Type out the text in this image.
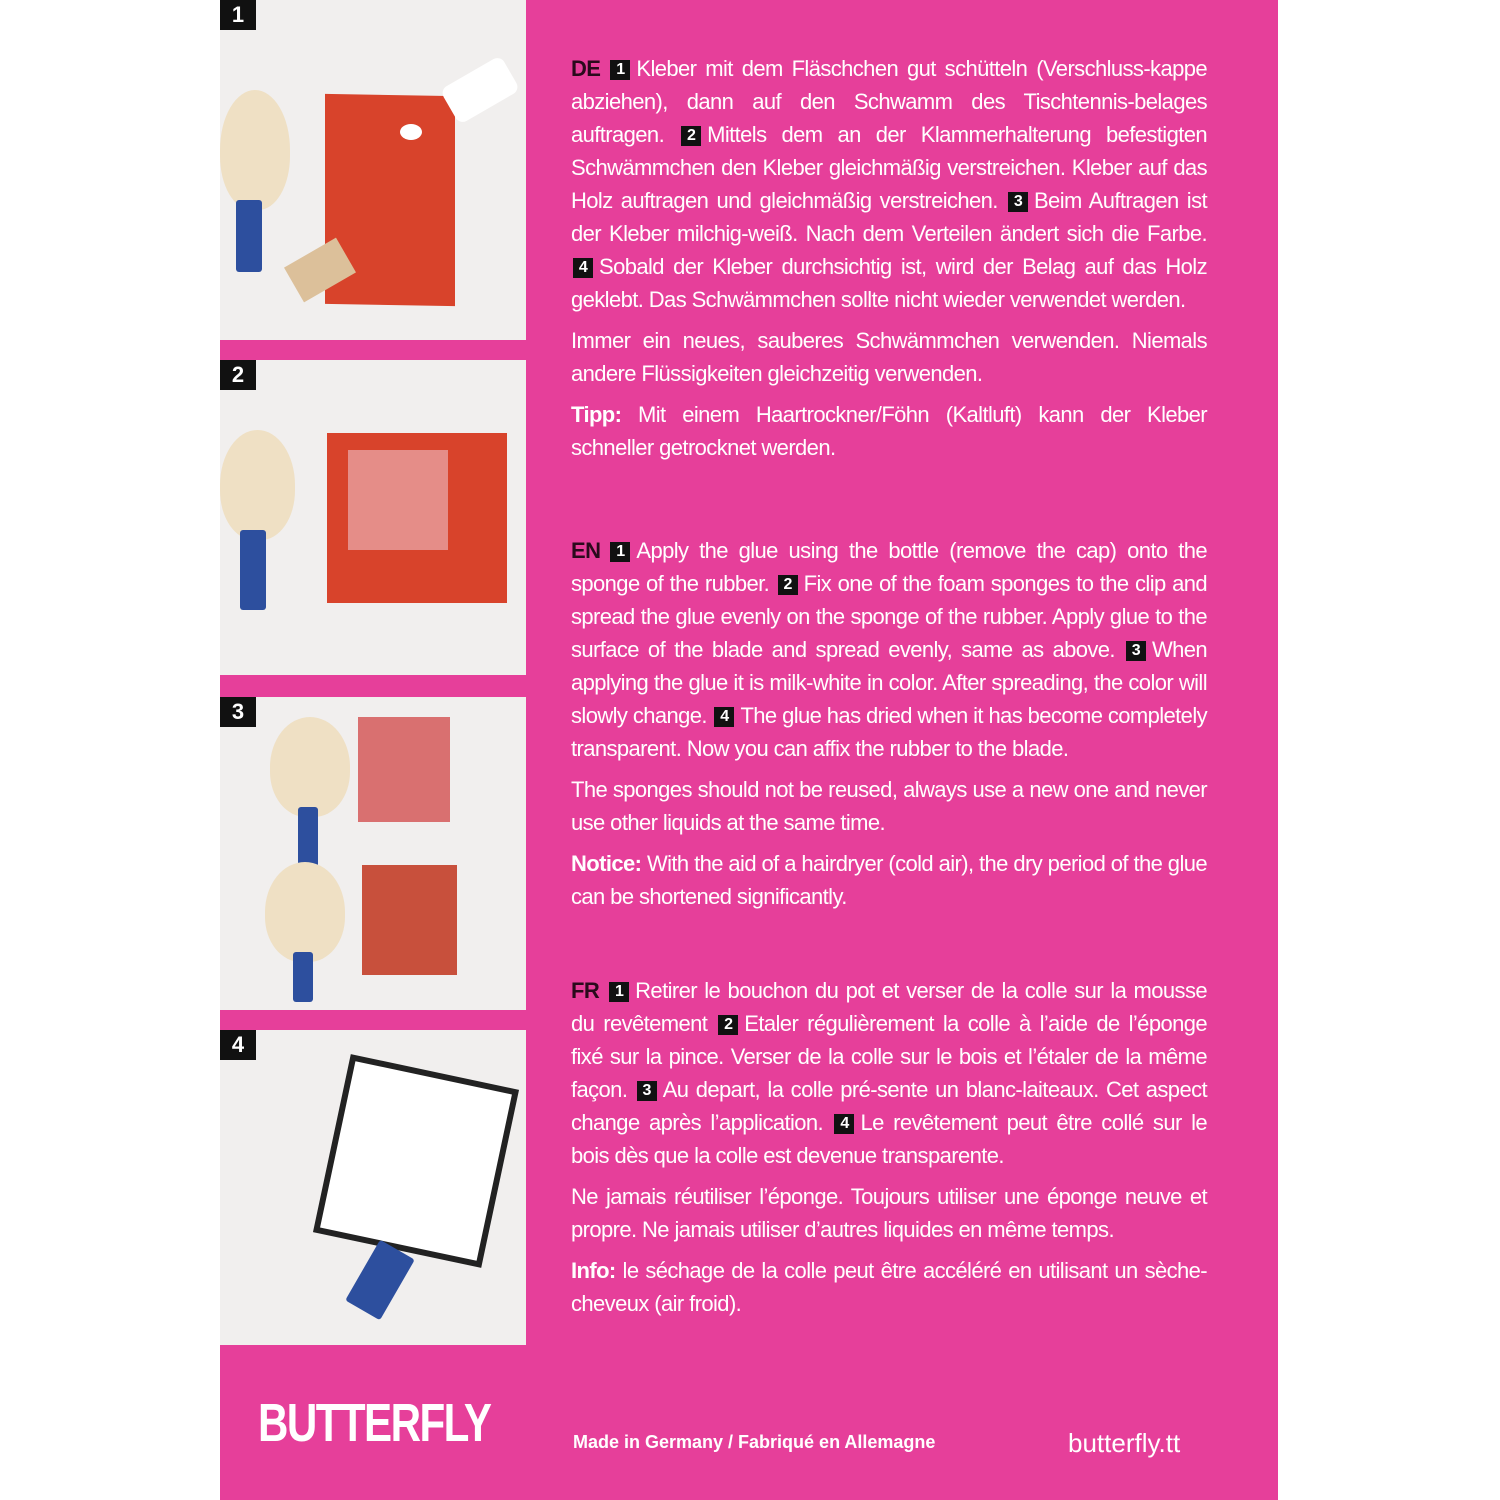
1
2
3
4

DE 1 Kleber mit dem Fläschchen gut schütteln (Verschluss-kappe abziehen), dann auf den Schwamm des Tischtennis-belages auftragen. 2 Mittels dem an der Klammerhalterung befestigten Schwämmchen den Kleber gleichmäßig verstreichen. Kleber auf das Holz auftragen und gleichmäßig verstreichen. 3 Beim Auftragen ist der Kleber milchig-weiß. Nach dem Verteilen ändert sich die Farbe. 4 Sobald der Kleber durchsichtig ist, wird der Belag auf das Holz geklebt. Das Schwämmchen sollte nicht wieder verwendet werden.

Immer ein neues, sauberes Schwämmchen verwenden. Niemals andere Flüssigkeiten gleichzeitig verwenden.

Tipp: Mit einem Haartrockner/Föhn (Kaltluft) kann der Kleber schneller getrocknet werden.

EN 1 Apply the glue using the bottle (remove the cap) onto the sponge of the rubber. 2 Fix one of the foam sponges to the clip and spread the glue evenly on the sponge of the rubber. Apply glue to the surface of the blade and spread evenly, same as above. 3 When applying the glue it is milk-white in color. After spreading, the color will slowly change. 4 The glue has dried when it has become completely transparent. Now you can affix the rubber to the blade.

The sponges should not be reused, always use a new one and never use other liquids at the same time.

Notice: With the aid of a hairdryer (cold air), the dry period of the glue can be shortened significantly.

FR 1 Retirer le bouchon du pot et verser de la colle sur la mousse du revêtement 2 Etaler régulièrement la colle à l’aide de l’éponge fixé sur la pince. Verser de la colle sur le bois et l’étaler de la même façon. 3 Au depart, la colle pré-sente un blanc-laiteaux. Cet aspect change après l’application. 4 Le revêtement peut être collé sur le bois dès que la colle est devenue transparente.

Ne jamais réutiliser l’éponge. Toujours utiliser une éponge neuve et propre. Ne jamais utiliser d’autres liquides en même temps.

Info: le séchage de la colle peut être accéléré en utilisant un sèche-cheveux (air froid).

BUTTERFLY	Made in Germany / Fabriqué en Allemagne	butterfly.tt
